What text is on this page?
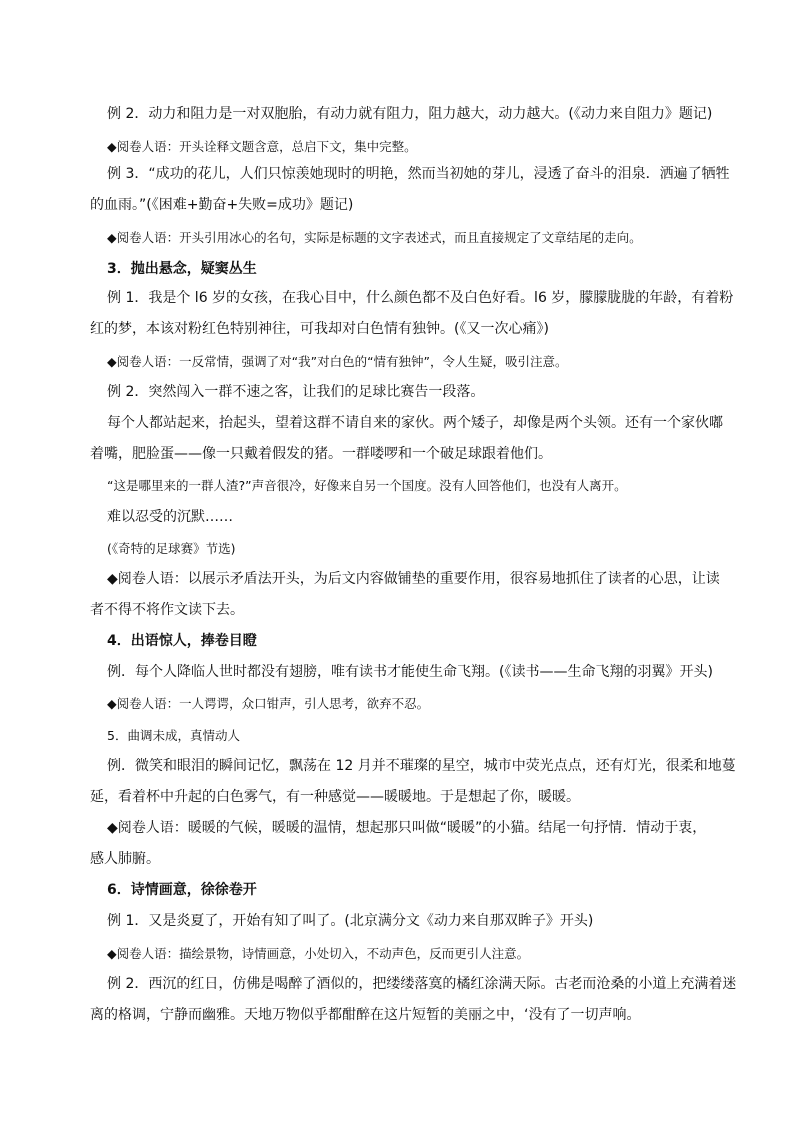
例 2．动力和阻力是一对双胞胎，有动力就有阻力，阻力越大，动力越大。(《动力来自阻力》题记)
◆阅卷人语：开头诠释文题含意，总启下文，集中完整。
例 3．“成功的花儿，人们只惊羡她现时的明艳，然而当初她的芽儿，浸透了奋斗的泪泉．洒遍了牺牲
的血雨。”(《困难+勤奋+失败=成功》题记)
◆阅卷人语：开头引用冰心的名句，实际是标题的文字表述式，而且直接规定了文章结尾的走向。
3．抛出悬念，疑窦丛生
例 1．我是个 l6 岁的女孩，在我心目中，什么颜色都不及白色好看。l6 岁，朦朦胧胧的年龄，有着粉
红的梦，本该对粉红色特别神往，可我却对白色情有独钟。(《又一次心痛》)
◆阅卷人语：一反常情，强调了对“我”对白色的“情有独钟”，令人生疑，吸引注意。
例 2．突然闯入一群不速之客，让我们的足球比赛告一段落。
每个人都站起来，抬起头，望着这群不请自来的家伙。两个矮子，却像是两个头领。还有一个家伙嘟
着嘴，肥脸蛋——像一只戴着假发的猪。一群喽啰和一个破足球跟着他们。
“这是哪里来的一群人渣?”声音很冷，好像来自另一个国度。没有人回答他们，也没有人离开。
难以忍受的沉默……
(《奇特的足球赛》节选)
◆阅卷人语：以展示矛盾法开头，为后文内容做铺垫的重要作用，很容易地抓住了读者的心思，让读
者不得不将作文读下去。
4．出语惊人，捧卷目瞪
例．每个人降临人世时都没有翅膀，唯有读书才能使生命飞翔。(《读书——生命飞翔的羽翼》开头)
◆阅卷人语：一人谔谔，众口钳声，引人思考，欲弃不忍。
5．曲调未成，真情动人
例．微笑和眼泪的瞬间记忆，飘荡在 12 月并不璀璨的星空，城市中荧光点点，还有灯光，很柔和地蔓
延，看着杯中升起的白色雾气，有一种感觉——暖暖地。于是想起了你，暖暖。
◆阅卷人语：暖暖的气候，暖暖的温情，想起那只叫做“暖暖”的小猫。结尾一句抒情．情动于衷，
感人肺腑。
6．诗情画意，徐徐卷开
例 1．又是炎夏了，开始有知了叫了。(北京满分文《动力来自那双眸子》开头)
◆阅卷人语：描绘景物，诗情画意，小处切入，不动声色，反而更引人注意。
例 2．西沉的红日，仿佛是喝醉了酒似的，把缕缕落寞的橘红涂满天际。古老而沧桑的小道上充满着迷
离的格调，宁静而幽雅。天地万物似乎都酣醉在这片短暂的美丽之中，‘没有了一切声响。
